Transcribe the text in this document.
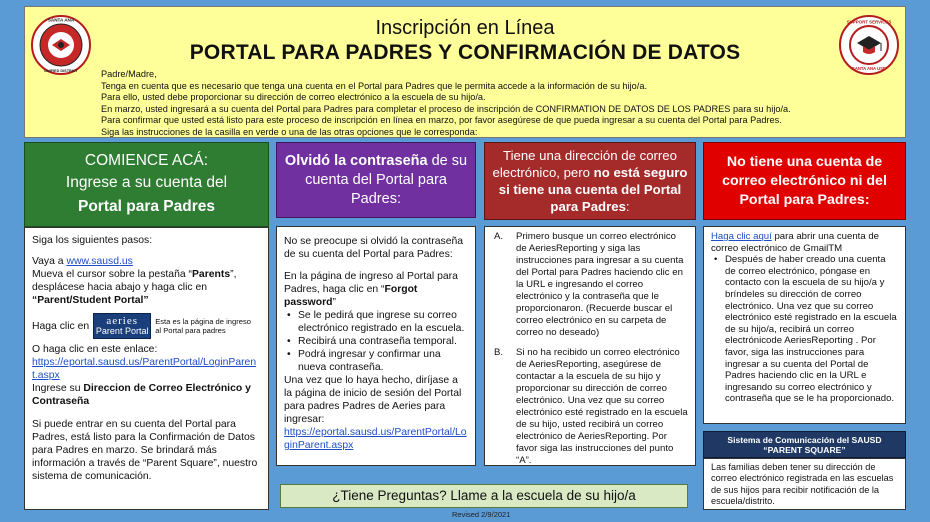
SANTA ANA
UNIFIED DISTRICT
SUPPORT SERVICES
SANTA ANA USD
Inscripción en Línea
PORTAL PARA PADRES Y CONFIRMACIÓN DE DATOS
Padre/Madre,
Tenga en cuenta que es necesario que tenga una cuenta en el Portal para Padres que le permita accede a la información de su hijo/a.
Para ello, usted debe proporcionar su dirección de correo electrónico a la escuela de su hijo/a.
En marzo, usted ingresará a su cuenta del Portal para Padres para completar el proceso de inscripción de CONFIRMATION DE DATOS DE LOS PADRES para su hijo/a.
Para confirmar que usted está listo para este proceso de inscripción en línea en marzo, por favor asegúrese de que pueda ingresar a su cuenta del Portal para Padres.
Siga las instrucciones de la casilla en verde o una de las otras opciones que le corresponda:
COMIENCE ACÁ:
Ingrese a su cuenta del
Portal para Padres
Siga los siguientes pasos:
Vaya a www.sausd.us
Mueva el cursor sobre la pestaña “Parents”, desplácese hacia abajo y haga clic en “Parent/Student Portal”
Haga clic en	aeries
Parent Portal
Esta es la página de ingreso al Portal para padres
O haga clic en este enlace:
https://eportal.sausd.us/ParentPortal/LoginParent.aspx
Ingrese su Direccion de Correo Electrónico y Contraseña
Si puede entrar en su cuenta del Portal para Padres, está listo para la Confirmación de Datos para Padres en marzo. Se brindará más información a través de “Parent Square”, nuestro sistema de comunicación.
Olvidó la contraseña de su cuenta del Portal para Padres:
No se preocupe si olvidó la contraseña de su cuenta del Portal para Padres:
En la página de ingreso al Portal para Padres, haga clic en “Forgot password”
• Se le pedirá que ingrese su correo electrónico registrado en la escuela.
• Recibirá una contraseña temporal.
• Podrá ingresar y confirmar una nueva contraseña.
Una vez que lo haya hecho, diríjase a la página de inicio de sesión del Portal para padres Padres de Aeries para ingresar:
https://eportal.sausd.us/ParentPortal/LoginParent.aspx
Tiene una dirección de correo electrónico, pero no está seguro si tiene una cuenta del Portal para Padres:
A. Primero busque un correo electrónico de AeriesReporting y siga las instrucciones para ingresar a su cuenta del Portal para Padres haciendo clic en la URL e ingresando el correo electrónico y la contraseña que le proporcionaron. (Recuerde buscar el correo electrónico en su carpeta de correo no deseado)
B. Si no ha recibido un correo electrónico de AeriesReporting, asegúrese de contactar a la escuela de su hijo y proporcionar su dirección de correo electrónico. Una vez que su correo electrónico esté registrado en la escuela de su hijo, usted recibirá un correo electrónico de AeriesReporting. Por favor siga las instrucciones del punto “A”.
No tiene una cuenta de correo electrónico ni del Portal para Padres:
Haga clic aquí para abrir una cuenta de correo electrónico de GmailTM
• Después de haber creado una cuenta de correo electrónico, póngase en contacto con la escuela de su hijo/a y bríndeles su dirección de correo electrónico. Una vez que su correo electrónico esté registrado en la escuela de su hijo/a, recibirá un correo electrónicode AeriesReporting . Por favor, siga las instrucciones para ingresar a su cuenta del Portal de Padres haciendo clic en la URL e ingresando su correo electrónico y contraseña que se le ha proporcionado.
Sistema de Comunicación del SAUSD
“PARENT SQUARE”
Las familias deben tener su dirección de correo electrónico registrada en las escuelas de sus hijos para recibir notificación de la escuela/distrito.
¿Tiene Preguntas? Llame a la escuela de su hijo/a
Revised 2/9/2021
